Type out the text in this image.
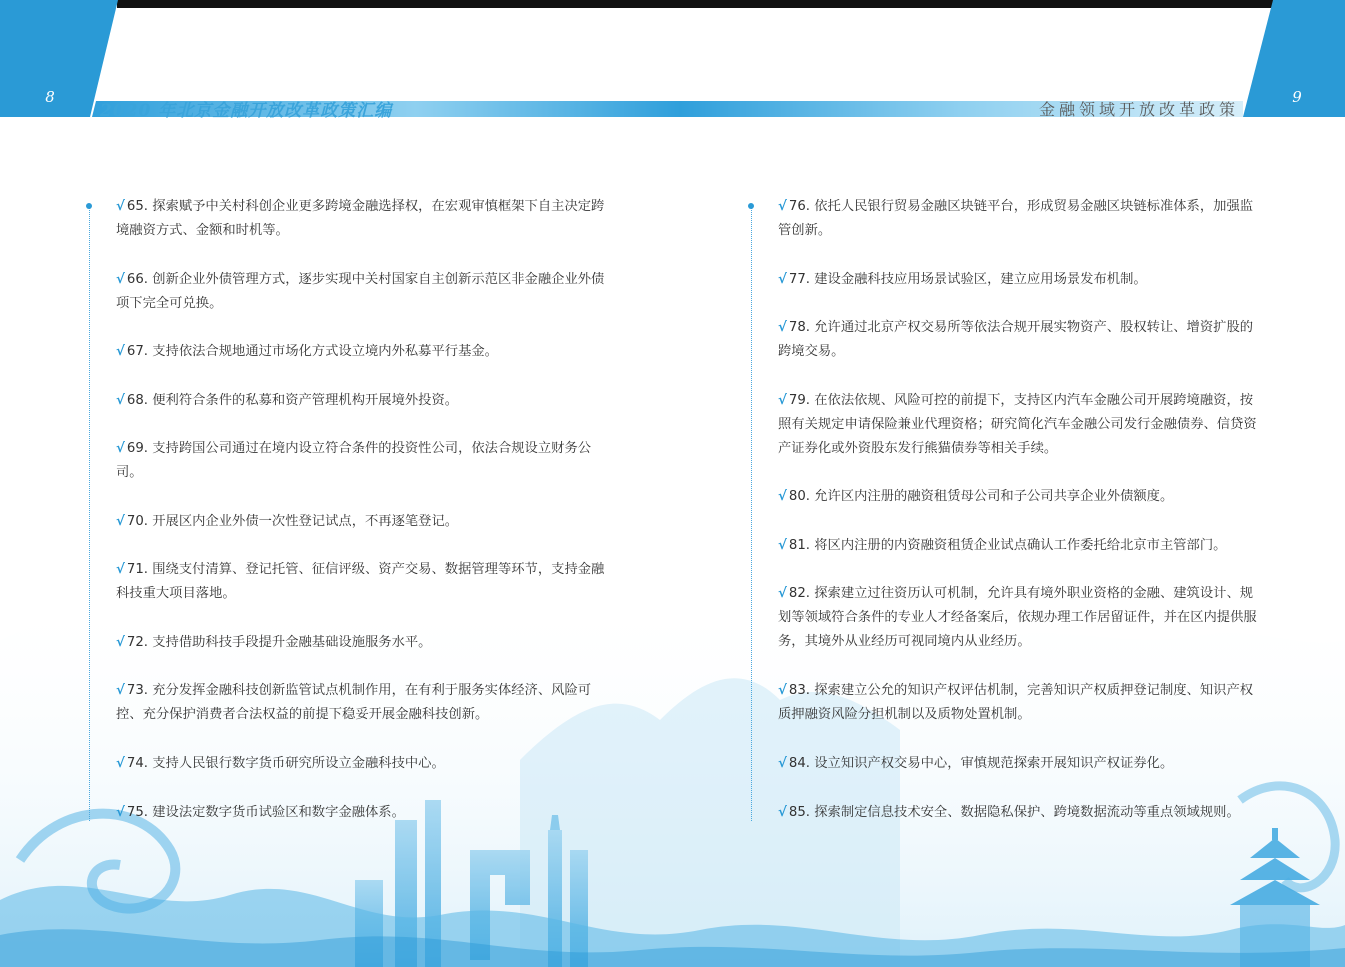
8	9
2020 年北京金融开放改革政策汇编	金融领域开放改革政策

√ 65. 探索赋予中关村科创企业更多跨境金融选择权，在宏观审慎框架下自主决定跨境融资方式、金额和时机等。

√ 66. 创新企业外债管理方式，逐步实现中关村国家自主创新示范区非金融企业外债项下完全可兑换。

√ 67. 支持依法合规地通过市场化方式设立境内外私募平行基金。

√ 68. 便利符合条件的私募和资产管理机构开展境外投资。

√ 69. 支持跨国公司通过在境内设立符合条件的投资性公司，依法合规设立财务公司。

√ 70. 开展区内企业外债一次性登记试点，不再逐笔登记。

√ 71. 围绕支付清算、登记托管、征信评级、资产交易、数据管理等环节，支持金融科技重大项目落地。

√ 72. 支持借助科技手段提升金融基础设施服务水平。

√ 73. 充分发挥金融科技创新监管试点机制作用，在有利于服务实体经济、风险可控、充分保护消费者合法权益的前提下稳妥开展金融科技创新。

√ 74. 支持人民银行数字货币研究所设立金融科技中心。

√ 75. 建设法定数字货币试验区和数字金融体系。

√ 76. 依托人民银行贸易金融区块链平台，形成贸易金融区块链标准体系，加强监管创新。

√ 77. 建设金融科技应用场景试验区，建立应用场景发布机制。

√ 78. 允许通过北京产权交易所等依法合规开展实物资产、股权转让、增资扩股的跨境交易。

√ 79. 在依法依规、风险可控的前提下，支持区内汽车金融公司开展跨境融资，按照有关规定申请保险兼业代理资格；研究简化汽车金融公司发行金融债券、信贷资产证券化或外资股东发行熊猫债券等相关手续。

√ 80. 允许区内注册的融资租赁母公司和子公司共享企业外债额度。

√ 81. 将区内注册的内资融资租赁企业试点确认工作委托给北京市主管部门。

√ 82. 探索建立过往资历认可机制，允许具有境外职业资格的金融、建筑设计、规划等领域符合条件的专业人才经备案后，依规办理工作居留证件，并在区内提供服务，其境外从业经历可视同境内从业经历。

√ 83. 探索建立公允的知识产权评估机制，完善知识产权质押登记制度、知识产权质押融资风险分担机制以及质物处置机制。

√ 84. 设立知识产权交易中心，审慎规范探索开展知识产权证券化。

√ 85. 探索制定信息技术安全、数据隐私保护、跨境数据流动等重点领域规则。
